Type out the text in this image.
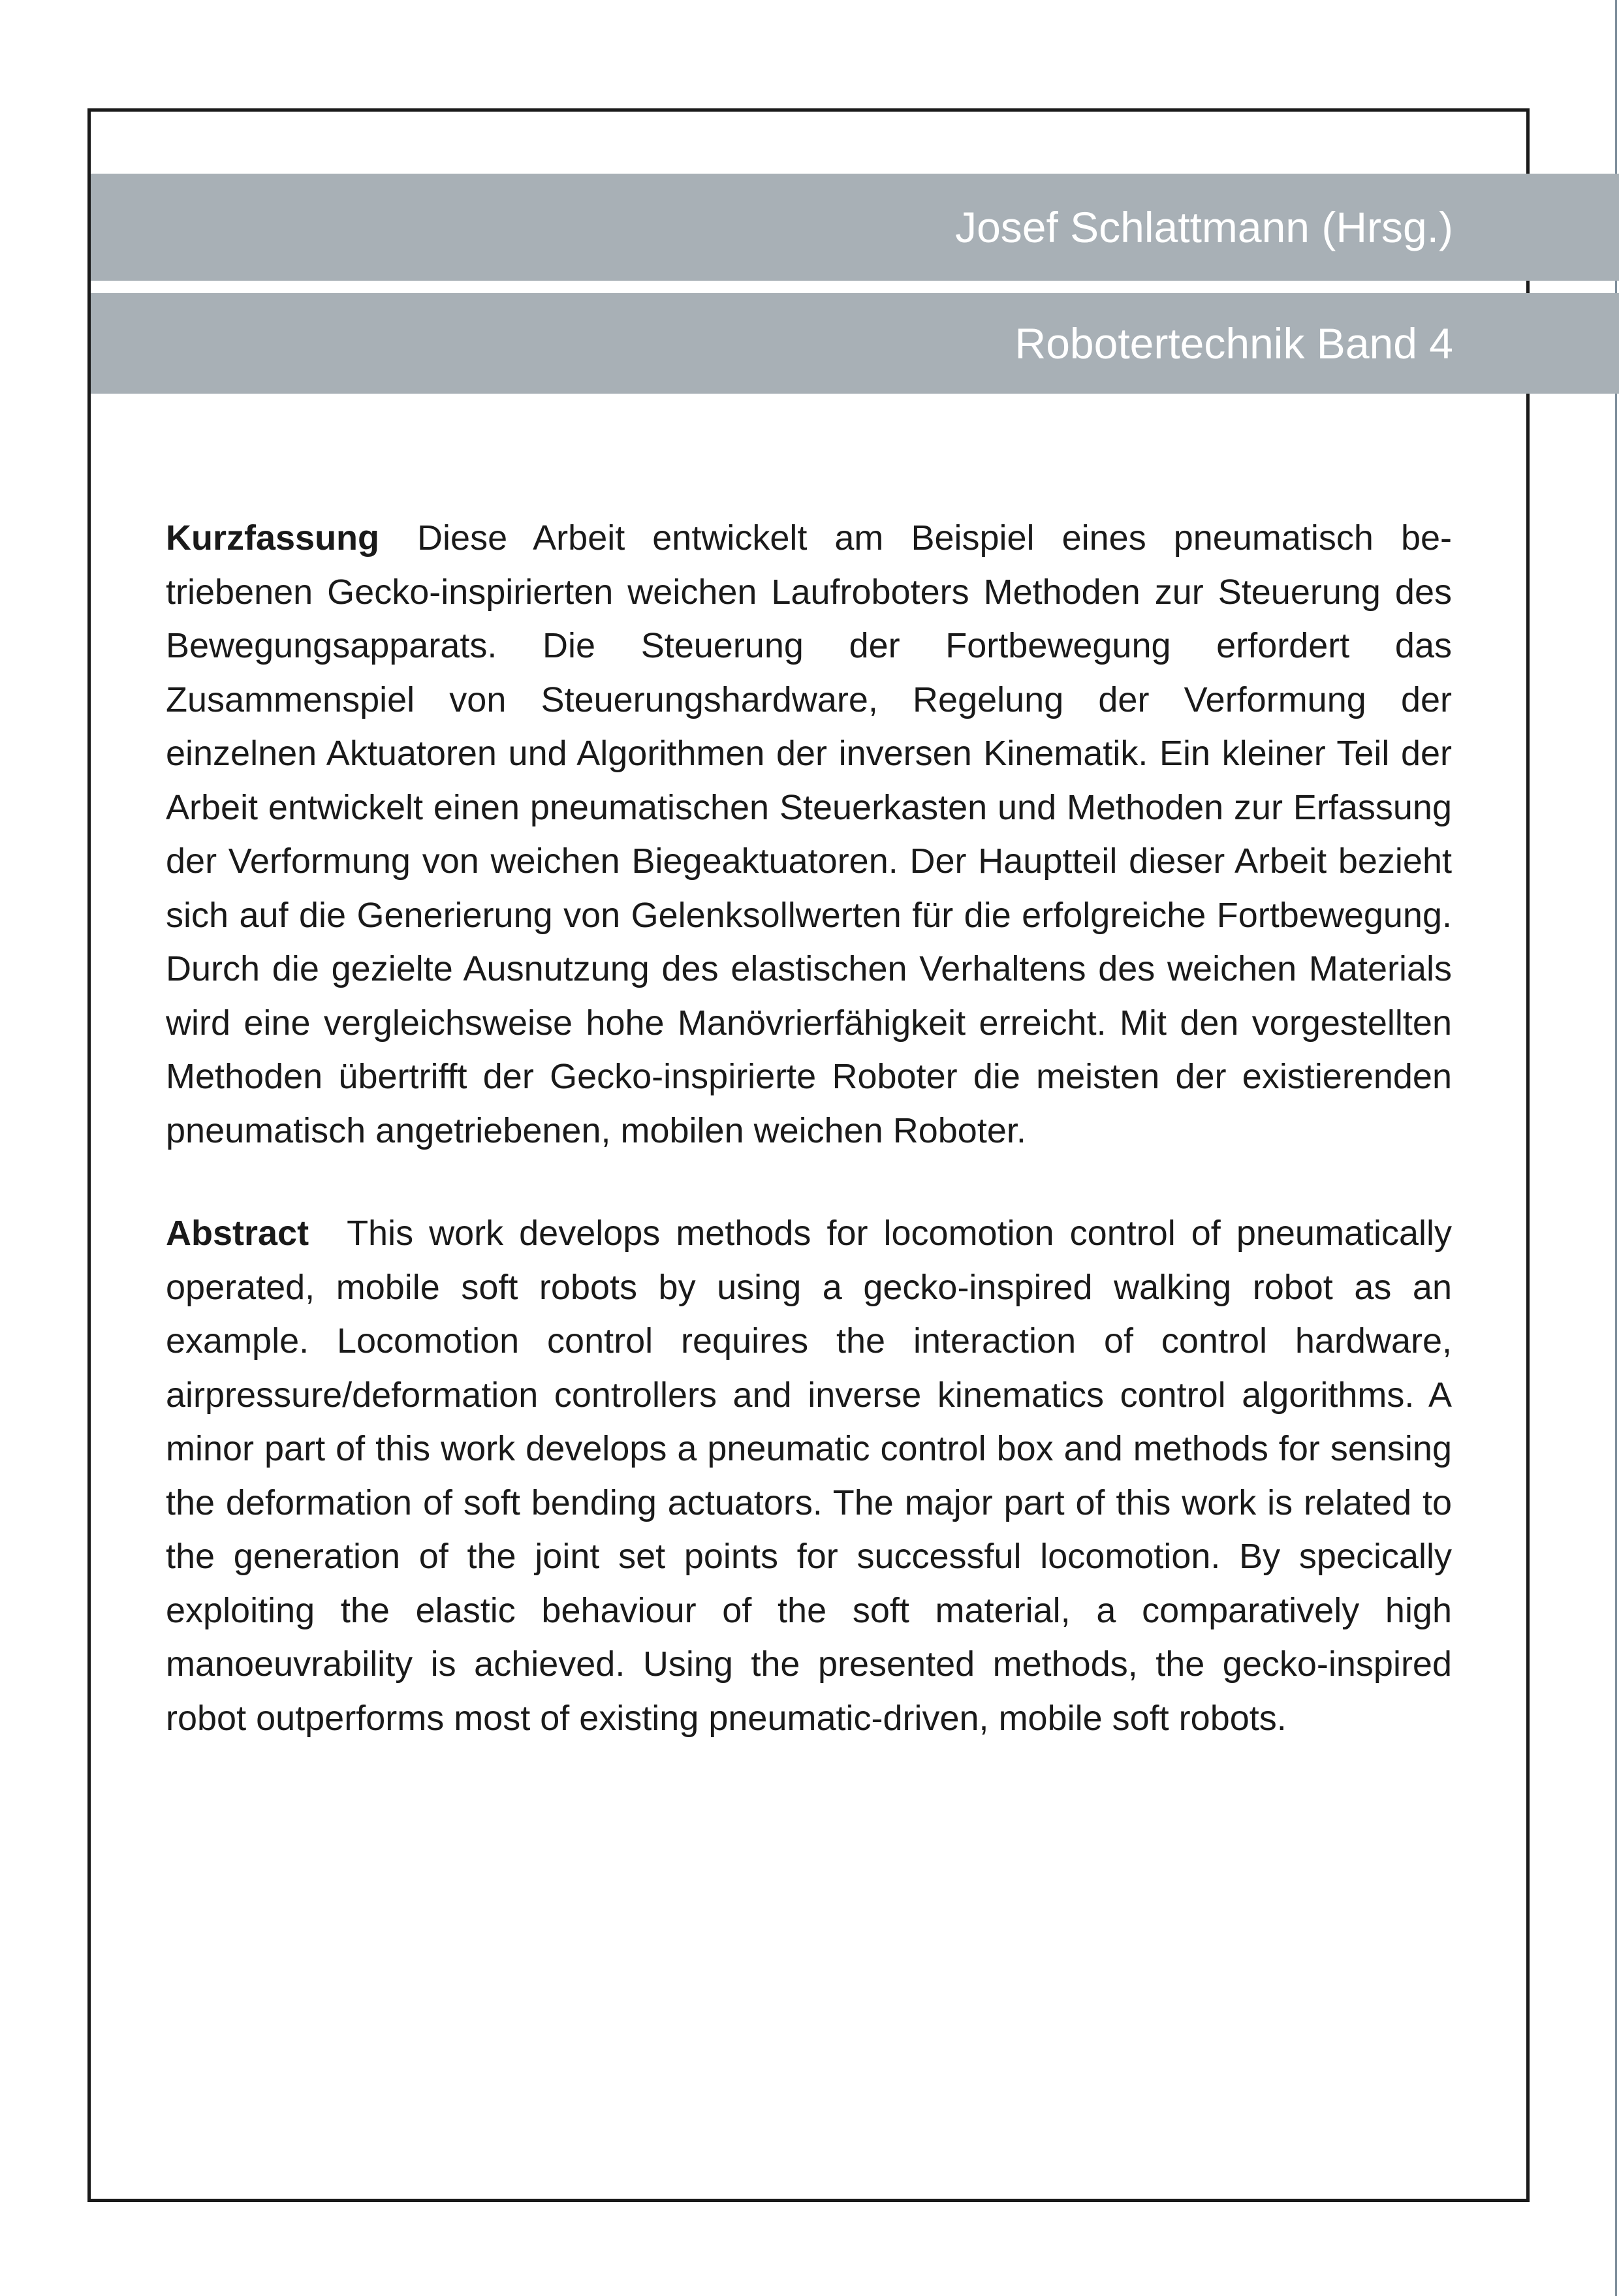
Josef Schlattmann (Hrsg.)
Robotertechnik Band 4

Kurzfassung Diese Arbeit entwickelt am Beispiel eines pneumatisch betriebenen Gecko-inspirierten weichen Laufroboters Methoden zur Steuerung des Bewegungsapparats. Die Steuerung der Fortbewegung erfordert das Zusammenspiel von Steuerungshardware, Regelung der Verformung der einzelnen Aktuatoren und Algorithmen der inversen Kinematik. Ein kleiner Teil der Arbeit entwickelt einen pneumatischen Steuerkasten und Methoden zur Erfassung der Verformung von weichen Biegeaktuatoren. Der Hauptteil dieser Arbeit bezieht sich auf die Generierung von Gelenksollwerten für die erfolgreiche Fortbewegung. Durch die gezielte Ausnutzung des elastischen Verhaltens des weichen Materials wird eine vergleichsweise hohe Manövrierfähigkeit erreicht. Mit den vorgestellten Methoden übertrifft der Gecko-inspirierte Roboter die meisten der existierenden pneumatisch angetriebenen, mobilen weichen Roboter.

Abstract This work develops methods for locomotion control of pneumatically operated, mobile soft robots by using a gecko-inspired walking robot as an example. Locomotion control requires the interaction of control hardware, airpressure/deformation controllers and inverse kinematics control algorithms. A minor part of this work develops a pneumatic control box and methods for sensing the deformation of soft bending actuators. The major part of this work is related to the generation of the joint set points for successful locomotion. By specically exploiting the elastic behaviour of the soft material, a comparatively high manoeuvrability is achieved. Using the presented methods, the gecko-inspired robot outperforms most of existing pneumatic-driven, mobile soft robots.
